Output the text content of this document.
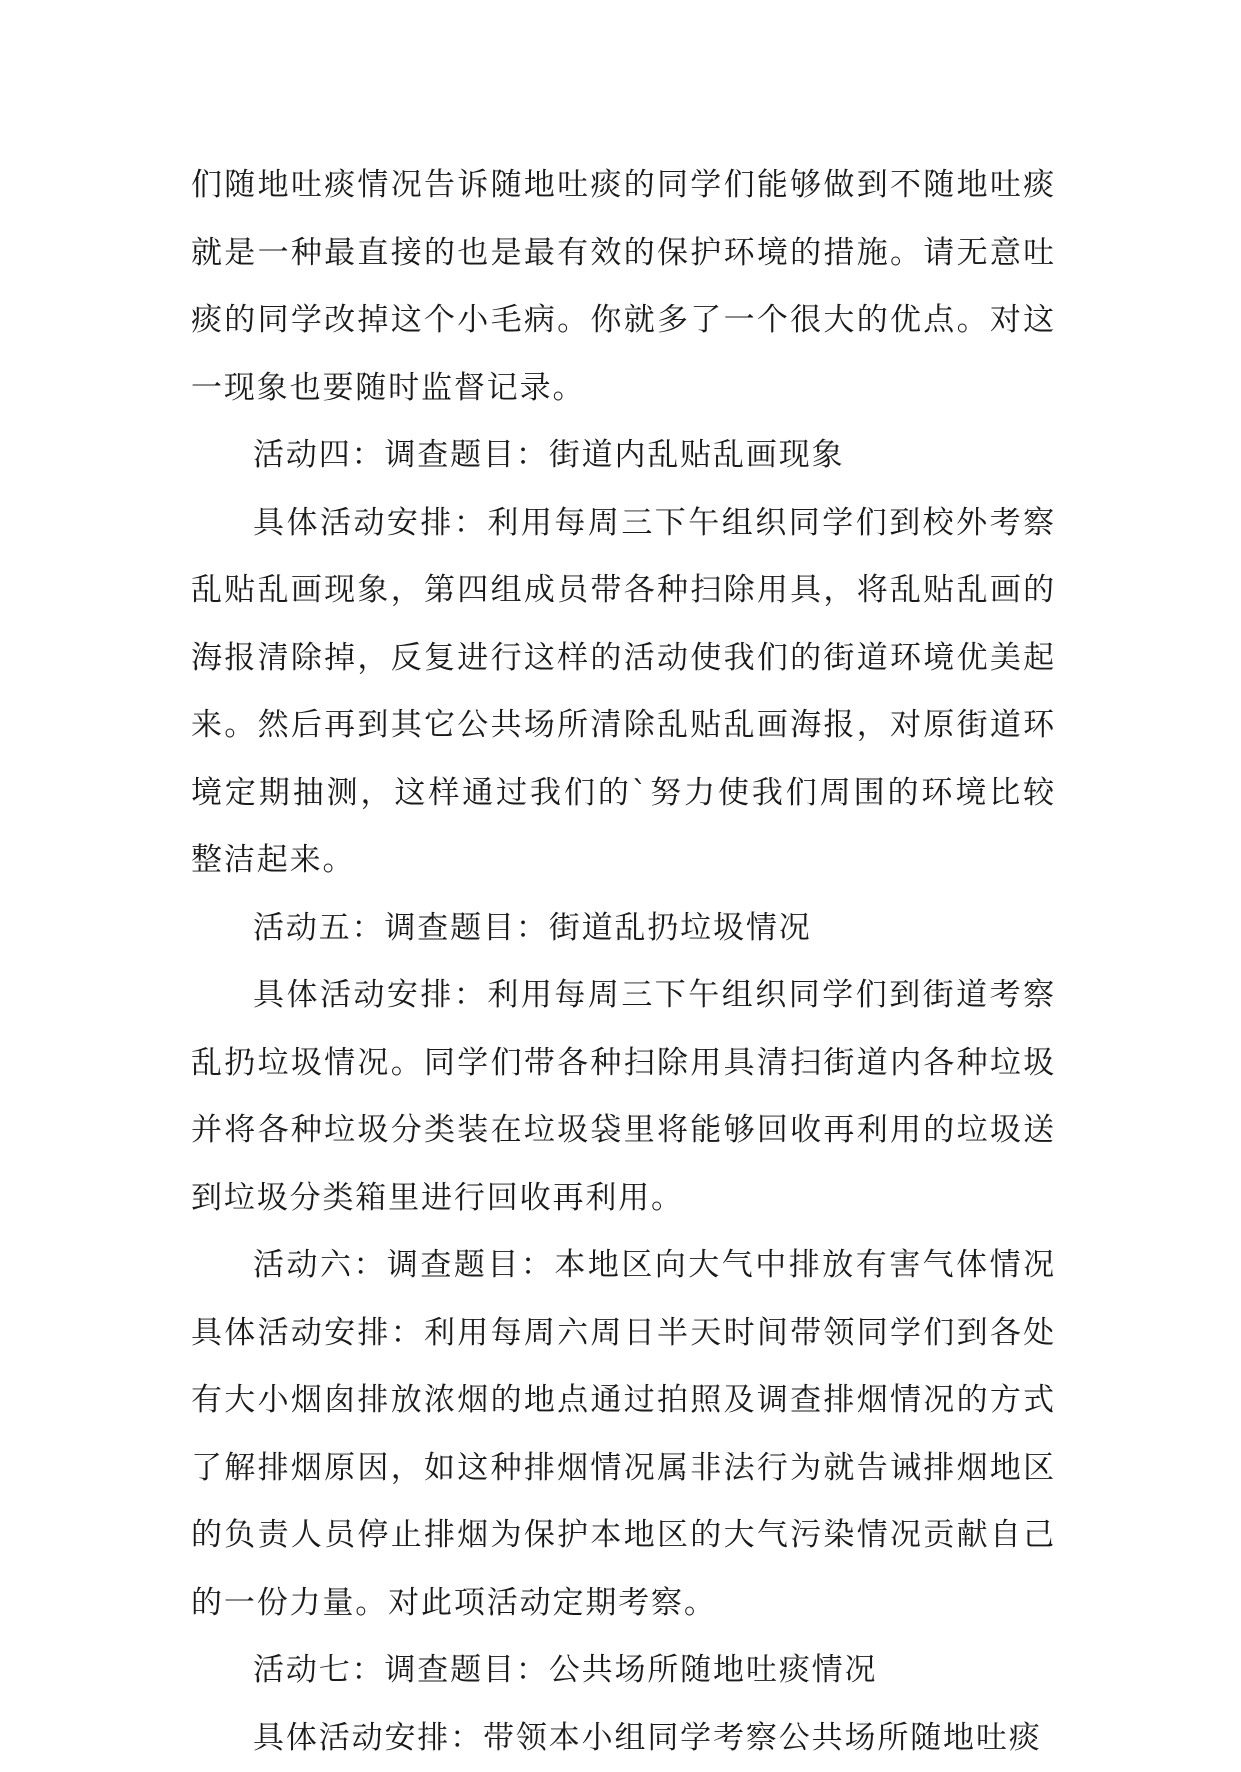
们随地吐痰情况告诉随地吐痰的同学们能够做到不随地吐痰就是一种最直接的也是最有效的保护环境的措施。请无意吐痰的同学改掉这个小毛病。你就多了一个很大的优点。对这一现象也要随时监督记录。

活动四：调查题目：街道内乱贴乱画现象

具体活动安排：利用每周三下午组织同学们到校外考察乱贴乱画现象，第四组成员带各种扫除用具，将乱贴乱画的海报清除掉，反复进行这样的活动使我们的街道环境优美起来。然后再到其它公共场所清除乱贴乱画海报，对原街道环境定期抽测，这样通过我们的`努力使我们周围的环境比较整洁起来。

活动五：调查题目：街道乱扔垃圾情况

具体活动安排：利用每周三下午组织同学们到街道考察乱扔垃圾情况。同学们带各种扫除用具清扫街道内各种垃圾并将各种垃圾分类装在垃圾袋里将能够回收再利用的垃圾送到垃圾分类箱里进行回收再利用。

活动六：调查题目：本地区向大气中排放有害气体情况具体活动安排：利用每周六周日半天时间带领同学们到各处有大小烟囱排放浓烟的地点通过拍照及调查排烟情况的方式了解排烟原因，如这种排烟情况属非法行为就告诫排烟地区的负责人员停止排烟为保护本地区的大气污染情况贡献自己的一份力量。对此项活动定期考察。

活动七：调查题目：公共场所随地吐痰情况

具体活动安排：带领本小组同学考察公共场所随地吐痰
